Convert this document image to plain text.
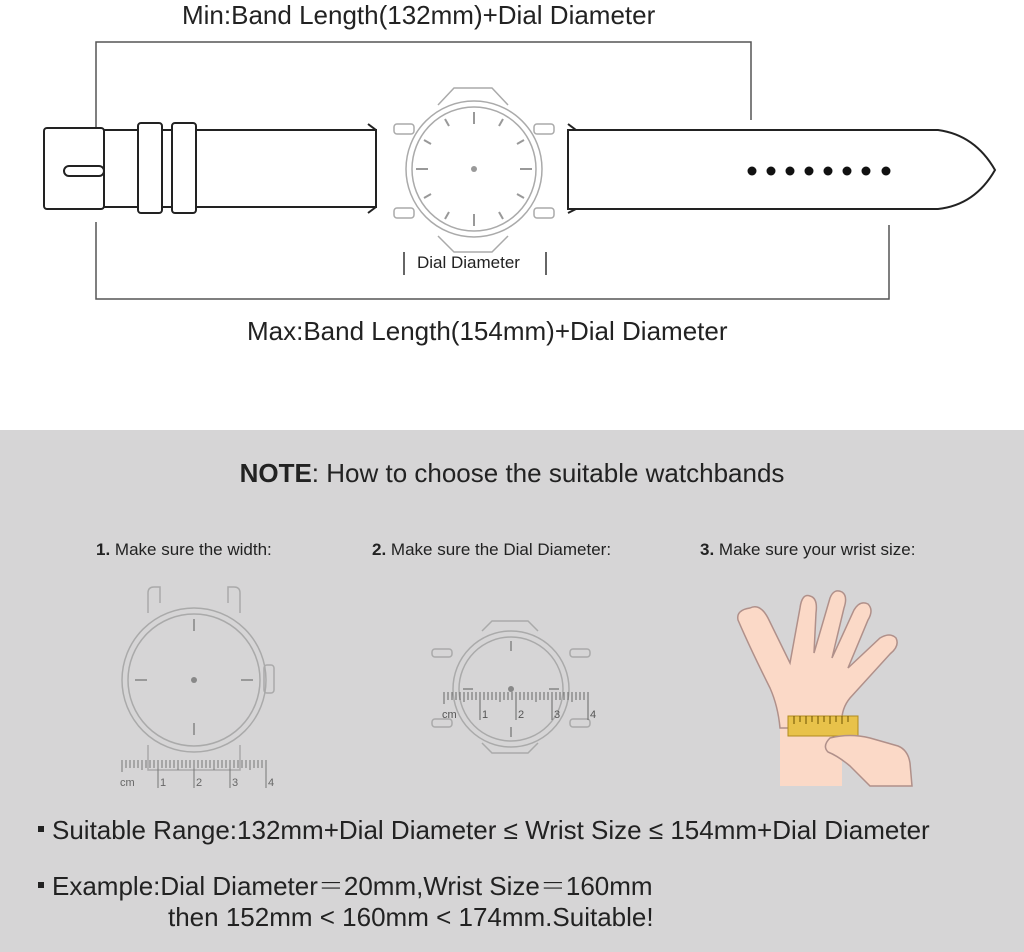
Min:Band Length(132mm)+Dial Diameter
Dial Diameter
Max:Band Length(154mm)+Dial Diameter
NOTE: How to choose the suitable watchbands
1. Make sure the width:	2. Make sure the Dial Diameter:	3. Make sure your wrist size:
cm 1	2	3	4
cm 1	2	3	4
Suitable Range:132mm+Dial Diameter ≤ Wrist Size ≤ 154mm+Dial Diameter
Example:Dial Diameter＝20mm,Wrist Size＝160mm
then 152mm < 160mm < 174mm.Suitable!
